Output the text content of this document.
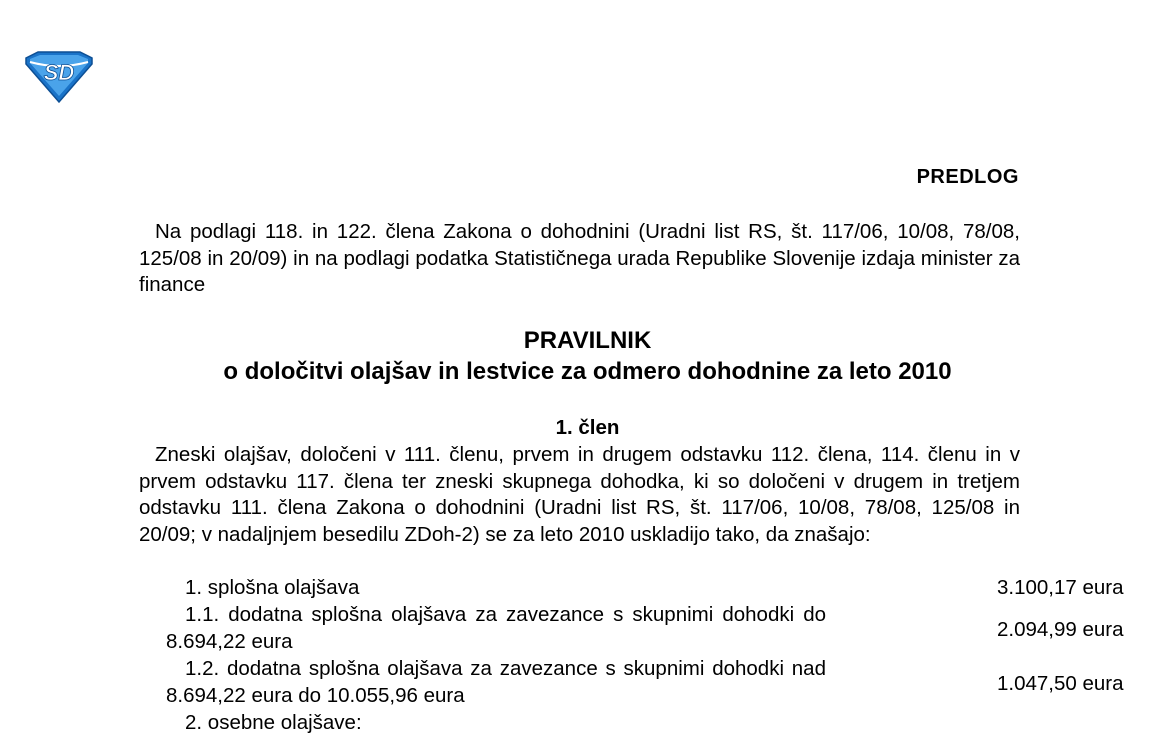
SD
PREDLOG
Na podlagi 118. in 122. člena Zakona o dohodnini (Uradni list RS, št. 117/06, 10/08, 78/08, 125/08 in 20/09) in na podlagi podatka Statističnega urada Republike Slovenije izdaja minister za finance
PRAVILNIK
o določitvi olajšav in lestvice za odmero dohodnine za leto 2010
1. člen
Zneski olajšav, določeni v 111. členu, prvem in drugem odstavku 112. člena, 114. členu in v prvem odstavku 117. člena ter zneski skupnega dohodka, ki so določeni v drugem in tretjem odstavku 111. člena Zakona o dohodnini (Uradni list RS, št. 117/06, 10/08, 78/08, 125/08 in 20/09; v nadaljnjem besedilu ZDoh-2) se za leto 2010 uskladijo tako, da znašajo:
1. splošna olajšava	3.100,17 eura
1.1. dodatna splošna olajšava za zavezance s skupnimi dohodki do 8.694,22 eura	2.094,99 eura
1.2. dodatna splošna olajšava za zavezance s skupnimi dohodki nad 8.694,22 eura do 10.055,96 eura	1.047,50 eura
2. osebne olajšave:
